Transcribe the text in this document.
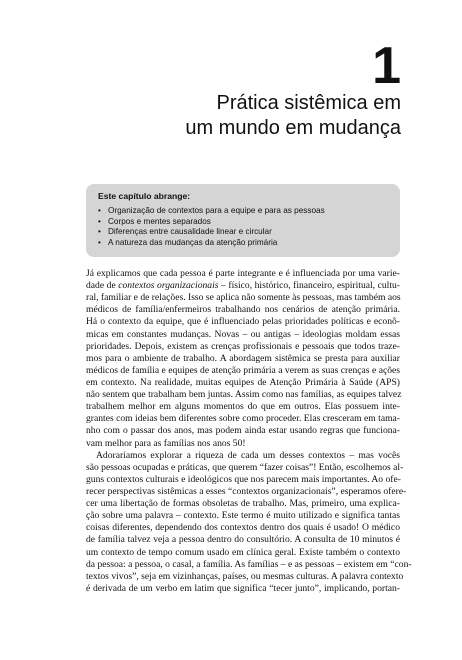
1
Prática sistêmica em
um mundo em mudança
Este capítulo abrange:
• Organização de contextos para a equipe e para as pessoas
• Corpos e mentes separados
• Diferenças entre causalidade linear e circular
• A natureza das mudanças da atenção primária
Já explicamos que cada pessoa é parte integrante e é influenciada por uma varie-
dade de contextos organizacionais – físico, histórico, financeiro, espiritual, cultu-
ral, familiar e de relações. Isso se aplica não somente às pessoas, mas também aos
médicos de família/enfermeiros trabalhando nos cenários de atenção primária.
Há o contexto da equipe, que é influenciado pelas prioridades políticas e econô-
micas em constantes mudanças. Novas – ou antigas – ideologias moldam essas
prioridades. Depois, existem as crenças profissionais e pessoais que todos traze-
mos para o ambiente de trabalho. A abordagem sistêmica se presta para auxiliar
médicos de família e equipes de atenção primária a verem as suas crenças e ações
em contexto. Na realidade, muitas equipes de Atenção Primária à Saúde (APS)
não sentem que trabalham bem juntas. Assim como nas famílias, as equipes talvez
trabalhem melhor em alguns momentos do que em outros. Elas possuem inte-
grantes com ideias bem diferentes sobre como proceder. Elas cresceram em tama-
nho com o passar dos anos, mas podem ainda estar usando regras que funciona-
vam melhor para as famílias nos anos 50!
Adoraríamos explorar a riqueza de cada um desses contextos – mas vocês
são pessoas ocupadas e práticas, que querem “fazer coisas”! Então, escolhemos al-
guns contextos culturais e ideológicos que nos parecem mais importantes. Ao ofe-
recer perspectivas sistêmicas a esses “contextos organizacionais”, esperamos ofere-
cer uma libertação de formas obsoletas de trabalho. Mas, primeiro, uma explica-
ção sobre uma palavra – contexto. Este termo é muito utilizado e significa tantas
coisas diferentes, dependendo dos contextos dentro dos quais é usado! O médico
de família talvez veja a pessoa dentro do consultório. A consulta de 10 minutos é
um contexto de tempo comum usado em clínica geral. Existe também o contexto
da pessoa: a pessoa, o casal, a família. As famílias – e as pessoas – existem em “con-
textos vivos”, seja em vizinhanças, países, ou mesmas culturas. A palavra contexto
é derivada de um verbo em latim que significa “tecer junto”, implicando, portan-
